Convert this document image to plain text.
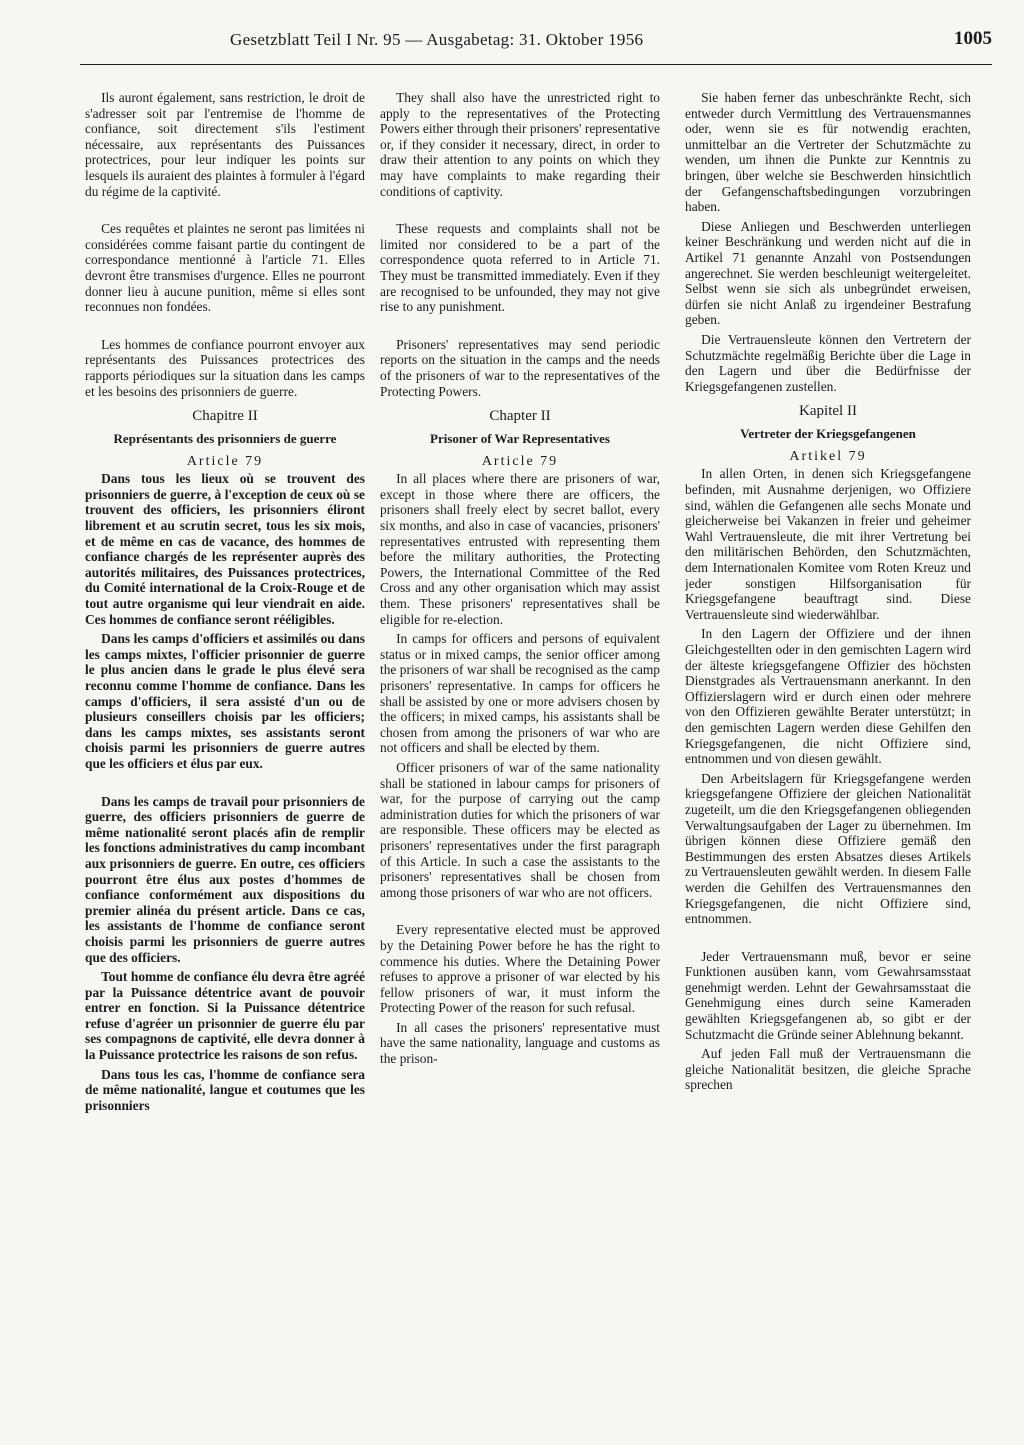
Gesetzblatt Teil I Nr. 95 — Ausgabetag: 31. Oktober 1956	1005

Ils auront également, sans restriction, le droit de s'adresser soit par l'entremise de l'homme de confiance, soit directement s'ils l'estiment nécessaire, aux représentants des Puissances protectrices, pour leur indiquer les points sur lesquels ils auraient des plaintes à formuler à l'égard du régime de la captivité.

Ces requêtes et plaintes ne seront pas limitées ni considérées comme faisant partie du contingent de correspondance mentionné à l'article 71. Elles devront être transmises d'urgence. Elles ne pourront donner lieu à aucune punition, même si elles sont reconnues non fondées.

Les hommes de confiance pourront envoyer aux représentants des Puissances protectrices des rapports périodiques sur la situation dans les camps et les besoins des prisonniers de guerre.

Chapitre II
Représentants des prisonniers de guerre
Article 79

Dans tous les lieux où se trouvent des prisonniers de guerre, à l'exception de ceux où se trouvent des officiers, les prisonniers éliront librement et au scrutin secret, tous les six mois, et de même en cas de vacance, des hommes de confiance chargés de les représenter auprès des autorités militaires, des Puissances protectrices, du Comité international de la Croix-Rouge et de tout autre organisme qui leur viendrait en aide. Ces hommes de confiance seront rééligibles.

Dans les camps d'officiers et assimilés ou dans les camps mixtes, l'officier prisonnier de guerre le plus ancien dans le grade le plus élevé sera reconnu comme l'homme de confiance. Dans les camps d'officiers, il sera assisté d'un ou de plusieurs conseillers choisis par les officiers; dans les camps mixtes, ses assistants seront choisis parmi les prisonniers de guerre autres que les officiers et élus par eux.

Dans les camps de travail pour prisonniers de guerre, des officiers prisonniers de guerre de même nationalité seront placés afin de remplir les fonctions administratives du camp incombant aux prisonniers de guerre. En outre, ces officiers pourront être élus aux postes d'hommes de confiance conformément aux dispositions du premier alinéa du présent article. Dans ce cas, les assistants de l'homme de confiance seront choisis parmi les prisonniers de guerre autres que des officiers.

Tout homme de confiance élu devra être agréé par la Puissance détentrice avant de pouvoir entrer en fonction. Si la Puissance détentrice refuse d'agréer un prisonnier de guerre élu par ses compagnons de captivité, elle devra donner à la Puissance protectrice les raisons de son refus.

Dans tous les cas, l'homme de confiance sera de même nationalité, langue et coutumes que les prisonniers

They shall also have the unrestricted right to apply to the representatives of the Protecting Powers either through their prisoners' representative or, if they consider it necessary, direct, in order to draw their attention to any points on which they may have complaints to make regarding their conditions of captivity.

These requests and complaints shall not be limited nor considered to be a part of the correspondence quota referred to in Article 71. They must be transmitted immediately. Even if they are recognised to be unfounded, they may not give rise to any punishment.

Prisoners' representatives may send periodic reports on the situation in the camps and the needs of the prisoners of war to the representatives of the Protecting Powers.

Chapter II
Prisoner of War Representatives
Article 79

In all places where there are prisoners of war, except in those where there are officers, the prisoners shall freely elect by secret ballot, every six months, and also in case of vacancies, prisoners' representatives entrusted with representing them before the military authorities, the Protecting Powers, the International Committee of the Red Cross and any other organisation which may assist them. These prisoners' representatives shall be eligible for re-election.

In camps for officers and persons of equivalent status or in mixed camps, the senior officer among the prisoners of war shall be recognised as the camp prisoners' representative. In camps for officers he shall be assisted by one or more advisers chosen by the officers; in mixed camps, his assistants shall be chosen from among the prisoners of war who are not officers and shall be elected by them.

Officer prisoners of war of the same nationality shall be stationed in labour camps for prisoners of war, for the purpose of carrying out the camp administration duties for which the prisoners of war are responsible. These officers may be elected as prisoners' representatives under the first paragraph of this Article. In such a case the assistants to the prisoners' representatives shall be chosen from among those prisoners of war who are not officers.

Every representative elected must be approved by the Detaining Power before he has the right to commence his duties. Where the Detaining Power refuses to approve a prisoner of war elected by his fellow prisoners of war, it must inform the Protecting Power of the reason for such refusal.

In all cases the prisoners' representative must have the same nationality, language and customs as the prison-

Sie haben ferner das unbeschränkte Recht, sich entweder durch Vermittlung des Vertrauensmannes oder, wenn sie es für notwendig erachten, unmittelbar an die Vertreter der Schutzmächte zu wenden, um ihnen die Punkte zur Kenntnis zu bringen, über welche sie Beschwerden hinsichtlich der Gefangenschaftsbedingungen vorzubringen haben.

Diese Anliegen und Beschwerden unterliegen keiner Beschränkung und werden nicht auf die in Artikel 71 genannte Anzahl von Postsendungen angerechnet. Sie werden beschleunigt weitergeleitet. Selbst wenn sie sich als unbegründet erweisen, dürfen sie nicht Anlaß zu irgendeiner Bestrafung geben.

Die Vertrauensleute können den Vertretern der Schutzmächte regelmäßig Berichte über die Lage in den Lagern und über die Bedürfnisse der Kriegsgefangenen zustellen.

Kapitel II
Vertreter der Kriegsgefangenen
Artikel 79

In allen Orten, in denen sich Kriegsgefangene befinden, mit Ausnahme derjenigen, wo Offiziere sind, wählen die Gefangenen alle sechs Monate und gleicherweise bei Vakanzen in freier und geheimer Wahl Vertrauensleute, die mit ihrer Vertretung bei den militärischen Behörden, den Schutzmächten, dem Internationalen Komitee vom Roten Kreuz und jeder sonstigen Hilfsorganisation für Kriegsgefangene beauftragt sind. Diese Vertrauensleute sind wiederwählbar.

In den Lagern der Offiziere und der ihnen Gleichgestellten oder in den gemischten Lagern wird der älteste kriegsgefangene Offizier des höchsten Dienstgrades als Vertrauensmann anerkannt. In den Offizierslagern wird er durch einen oder mehrere von den Offizieren gewählte Berater unterstützt; in den gemischten Lagern werden diese Gehilfen den Kriegsgefangenen, die nicht Offiziere sind, entnommen und von diesen gewählt.

Den Arbeitslagern für Kriegsgefangene werden kriegsgefangene Offiziere der gleichen Nationalität zugeteilt, um die den Kriegsgefangenen obliegenden Verwaltungsaufgaben der Lager zu übernehmen. Im übrigen können diese Offiziere gemäß den Bestimmungen des ersten Absatzes dieses Artikels zu Vertrauensleuten gewählt werden. In diesem Falle werden die Gehilfen des Vertrauensmannes den Kriegsgefangenen, die nicht Offiziere sind, entnommen.

Jeder Vertrauensmann muß, bevor er seine Funktionen ausüben kann, vom Gewahrsamsstaat genehmigt werden. Lehnt der Gewahrsamsstaat die Genehmigung eines durch seine Kameraden gewählten Kriegsgefangenen ab, so gibt er der Schutzmacht die Gründe seiner Ablehnung bekannt.

Auf jeden Fall muß der Vertrauensmann die gleiche Nationalität besitzen, die gleiche Sprache sprechen
